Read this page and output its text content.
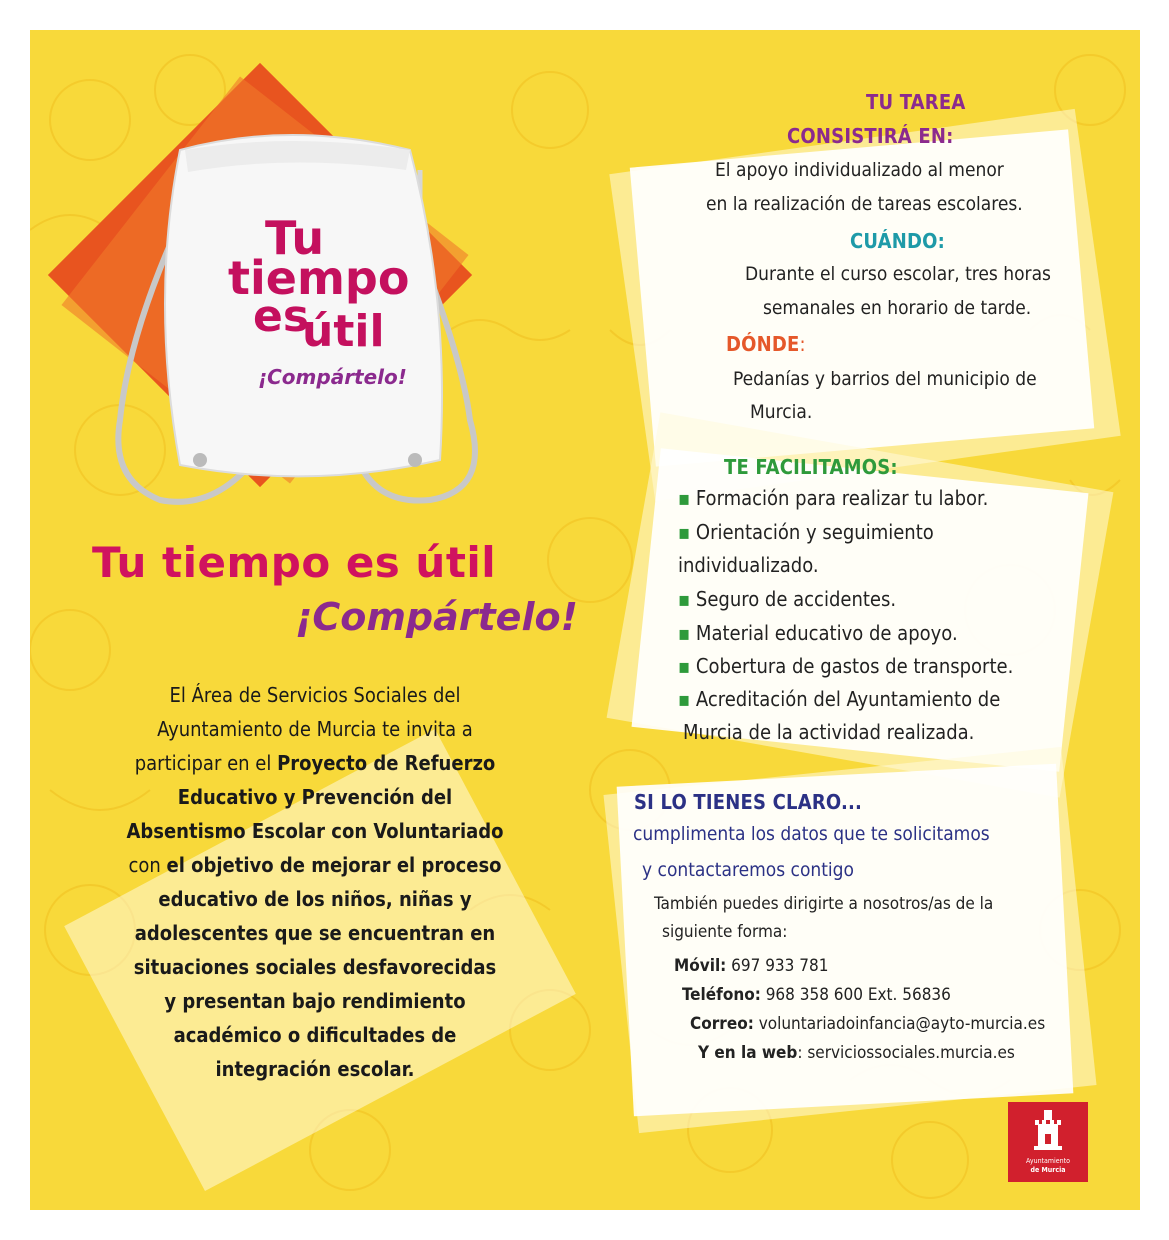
Tu
tiempo
es
útil
¡Compártelo!
Tu tiempo es útil
¡Compártelo!
El Área de Servicios Sociales del Ayuntamiento de Murcia te invita a participar en el Proyecto de Refuerzo Educativo y Prevención del Absentismo Escolar con Voluntariado con el objetivo de mejorar el proceso educativo de los niños, niñas y adolescentes que se encuentran en situaciones sociales desfavorecidas y presentan bajo rendimiento académico o dificultades de integración escolar.
TU TAREA
CONSISTIRÁ EN:
El apoyo individualizado al menor
en la realización de tareas escolares.
CUÁNDO:
Durante el curso escolar, tres horas
semanales en horario de tarde.
DÓNDE:
Pedanías y barrios del municipio de
Murcia.
TE FACILITAMOS:
▪ Formación para realizar tu labor.
▪ Orientación y seguimiento
individualizado.
▪ Seguro de accidentes.
▪ Material educativo de apoyo.
▪ Cobertura de gastos de transporte.
▪ Acreditación del Ayuntamiento de
Murcia de la actividad realizada.
SI LO TIENES CLARO...
cumplimenta los datos que te solicitamos
y contactaremos contigo
También puedes dirigirte a nosotros/as de la
siguiente forma:
Móvil: 697 933 781
Teléfono: 968 358 600 Ext. 56836
Correo: voluntariadoinfancia@ayto-murcia.es
Y en la web: serviciossociales.murcia.es
Ayuntamiento
de Murcia
